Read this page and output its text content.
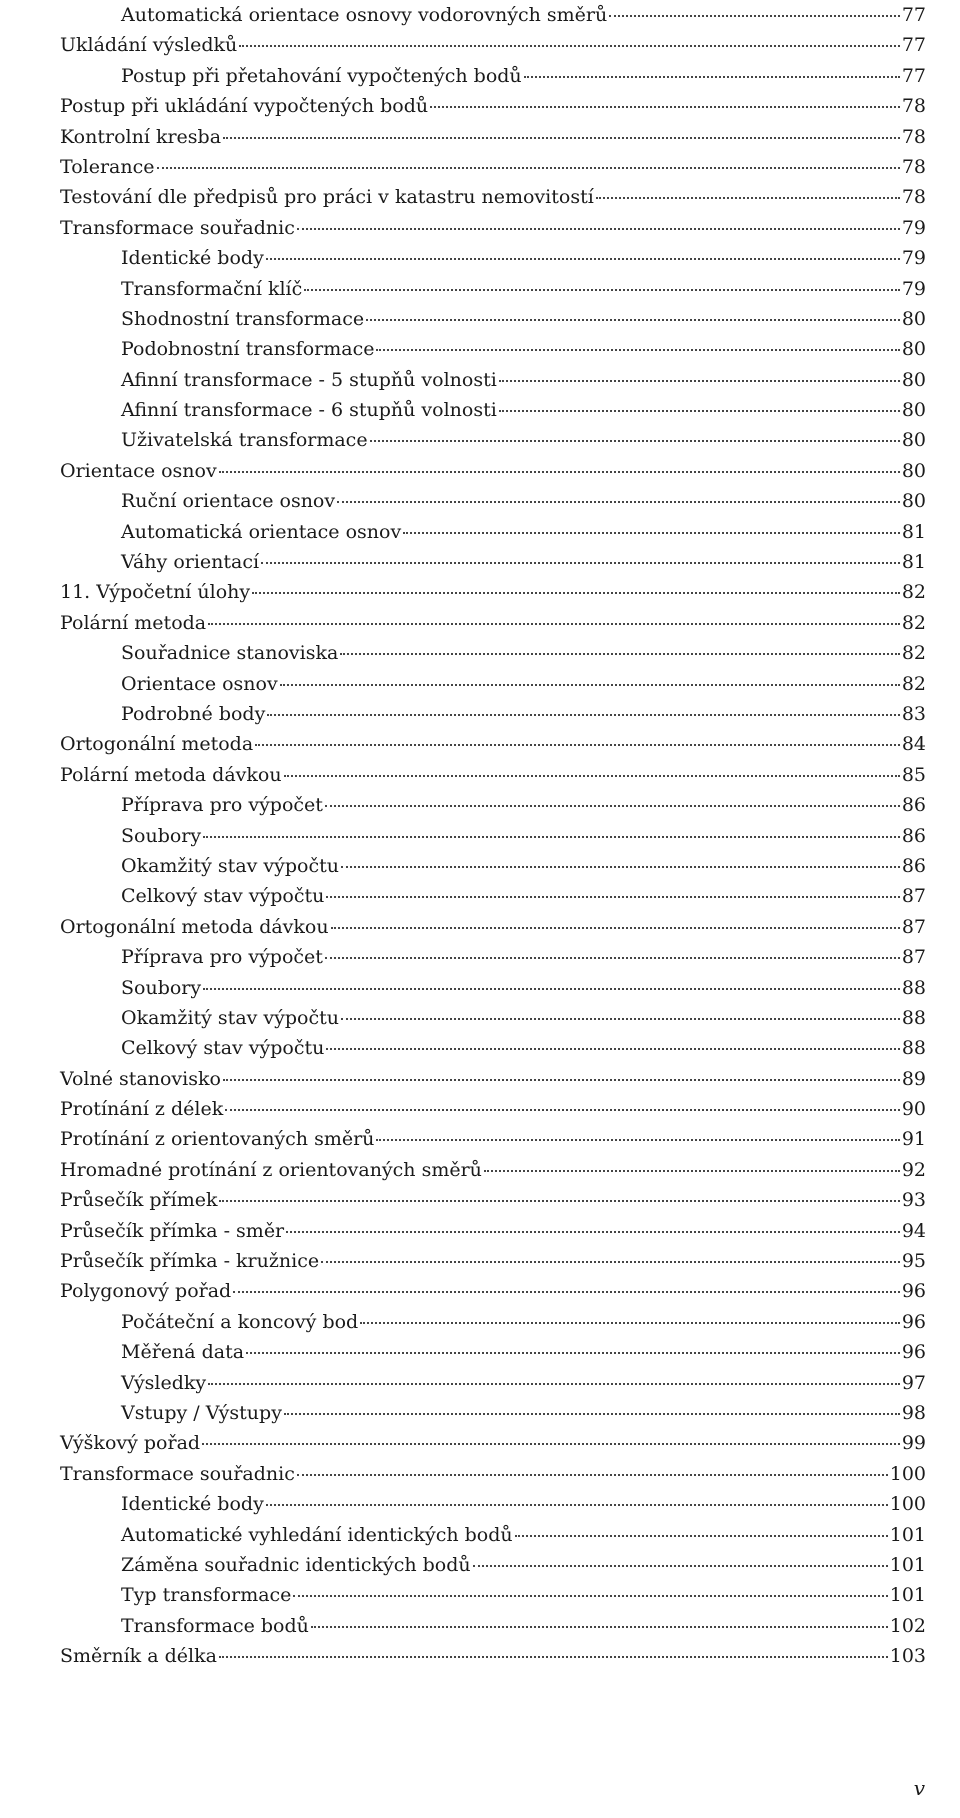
Automatická orientace osnovy vodorovných směrů	77
Ukládání výsledků	77
Postup při přetahování vypočtených bodů	77
Postup při ukládání vypočtených bodů	78
Kontrolní kresba	78
Tolerance	78
Testování dle předpisů pro práci v katastru nemovitostí	78
Transformace souřadnic	79
Identické body	79
Transformační klíč	79
Shodnostní transformace	80
Podobnostní transformace	80
Afinní transformace - 5 stupňů volnosti	80
Afinní transformace - 6 stupňů volnosti	80
Uživatelská transformace	80
Orientace osnov	80
Ruční orientace osnov	80
Automatická orientace osnov	81
Váhy orientací	81
11. Výpočetní úlohy	82
Polární metoda	82
Souřadnice stanoviska	82
Orientace osnov	82
Podrobné body	83
Ortogonální metoda	84
Polární metoda dávkou	85
Příprava pro výpočet	86
Soubory	86
Okamžitý stav výpočtu	86
Celkový stav výpočtu	87
Ortogonální metoda dávkou	87
Příprava pro výpočet	87
Soubory	88
Okamžitý stav výpočtu	88
Celkový stav výpočtu	88
Volné stanovisko	89
Protínání z délek	90
Protínání z orientovaných směrů	91
Hromadné protínání z orientovaných směrů	92
Průsečík přímek	93
Průsečík přímka - směr	94
Průsečík přímka - kružnice	95
Polygonový pořad	96
Počáteční a koncový bod	96
Měřená data	96
Výsledky	97
Vstupy / Výstupy	98
Výškový pořad	99
Transformace souřadnic	100
Identické body	100
Automatické vyhledání identických bodů	101
Záměna souřadnic identických bodů	101
Typ transformace	101
Transformace bodů	102
Směrník a délka	103
v
